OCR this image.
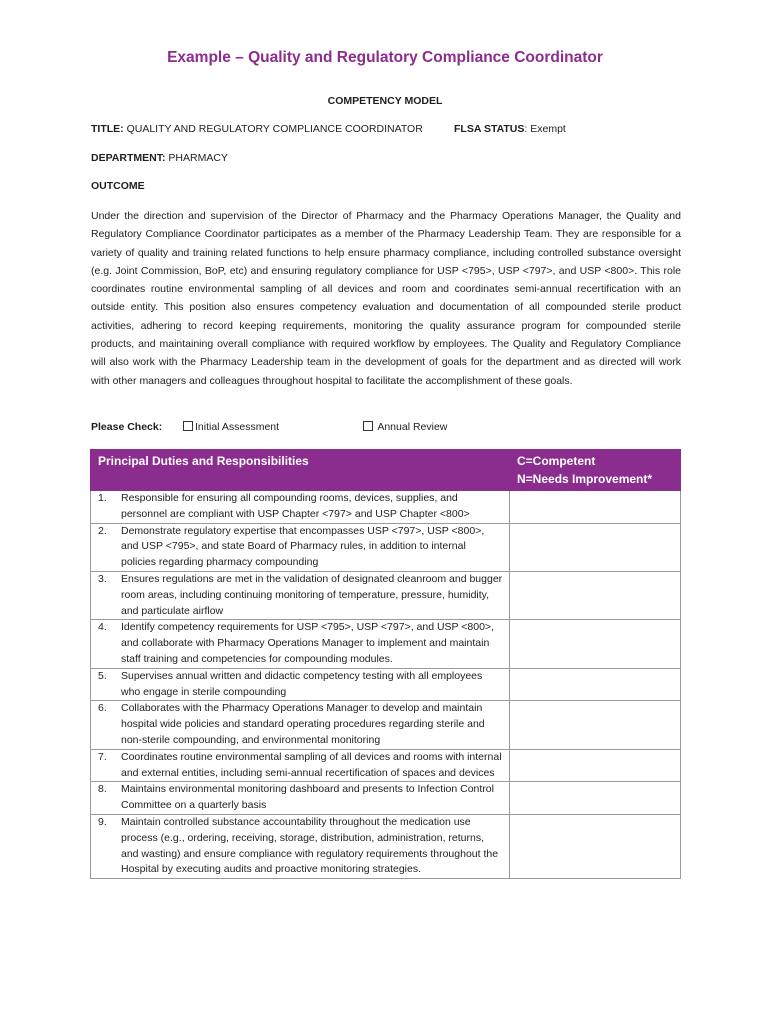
Example – Quality and Regulatory Compliance Coordinator
COMPETENCY MODEL
TITLE: QUALITY AND REGULATORY COMPLIANCE COORDINATOR	FLSA STATUS: Exempt
DEPARTMENT: PHARMACY
OUTCOME
Under the direction and supervision of the Director of Pharmacy and the Pharmacy Operations Manager, the Quality and Regulatory Compliance Coordinator participates as a member of the Pharmacy Leadership Team. They are responsible for a variety of quality and training related functions to help ensure pharmacy compliance, including controlled substance oversight (e.g. Joint Commission, BoP, etc) and ensuring regulatory compliance for USP <795>, USP <797>, and USP <800>. This role coordinates routine environmental sampling of all devices and room and coordinates semi-annual recertification with an outside entity. This position also ensures competency evaluation and documentation of all compounded sterile product activities, adhering to record keeping requirements, monitoring the quality assurance program for compounded sterile products, and maintaining overall compliance with required workflow by employees. The Quality and Regulatory Compliance will also work with the Pharmacy Leadership team in the development of goals for the department and as directed will work with other managers and colleagues throughout hospital to facilitate the accomplishment of these goals.
Please Check:	Initial Assessment	Annual Review
Principal Duties and Responsibilities	C=Competent
N=Needs Improvement*

1. Responsible for ensuring all compounding rooms, devices, supplies, and personnel are compliant with USP Chapter <797> and USP Chapter <800>	

2. Demonstrate regulatory expertise that encompasses USP <797>, USP <800>, and USP <795>, and state Board of Pharmacy rules, in addition to internal policies regarding pharmacy compounding	

3. Ensures regulations are met in the validation of designated cleanroom and bugger room areas, including continuing monitoring of temperature, pressure, humidity, and particulate airflow	

4. Identify competency requirements for USP <795>, USP <797>, and USP <800>, and collaborate with Pharmacy Operations Manager to implement and maintain staff training and competencies for compounding modules.	

5. Supervises annual written and didactic competency testing with all employees who engage in sterile compounding	

6. Collaborates with the Pharmacy Operations Manager to develop and maintain hospital wide policies and standard operating procedures regarding sterile and non-sterile compounding, and environmental monitoring	

7. Coordinates routine environmental sampling of all devices and rooms with internal and external entities, including semi-annual recertification of spaces and devices	

8. Maintains environmental monitoring dashboard and presents to Infection Control Committee on a quarterly basis	

9. Maintain controlled substance accountability throughout the medication use process (e.g., ordering, receiving, storage, distribution, administration, returns, and wasting) and ensure compliance with regulatory requirements throughout the Hospital by executing audits and proactive monitoring strategies.	
